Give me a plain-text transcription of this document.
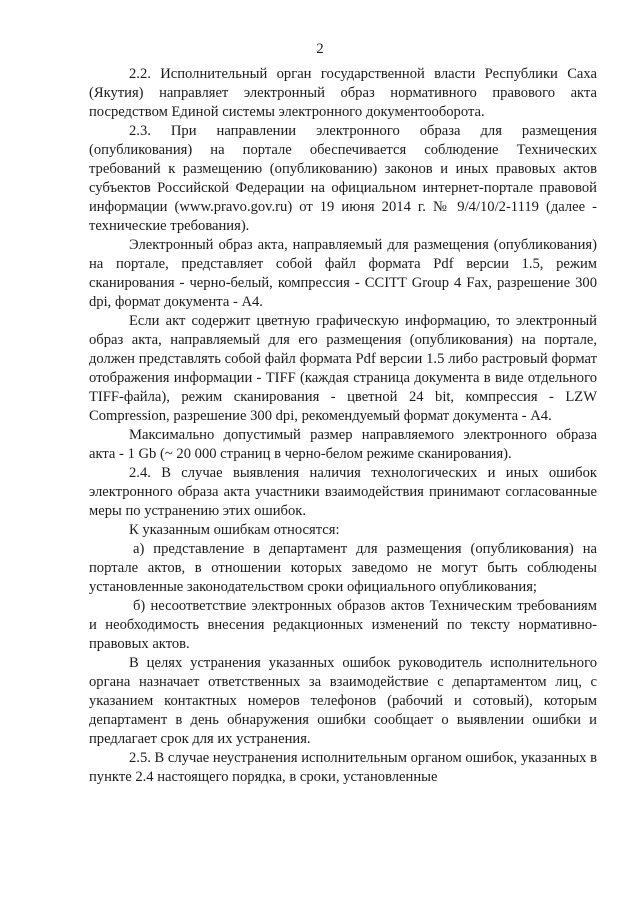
2

2.2. Исполнительный орган государственной власти Республики Саха (Якутия) направляет электронный образ нормативного правового акта посредством Единой системы электронного документооборота.

2.3. При направлении электронного образа для размещения (опубликования) на портале обеспечивается соблюдение Технических требований к размещению (опубликованию) законов и иных правовых актов субъектов Российской Федерации на официальном интернет-портале правовой информации (www.pravo.gov.ru) от 19 июня 2014 г. № 9/4/10/2-1119 (далее - технические требования).

Электронный образ акта, направляемый для размещения (опубликования) на портале, представляет собой файл формата Pdf версии 1.5, режим сканирования - черно-белый, компрессия - CCITT Group 4 Fax, разрешение 300 dpi, формат документа - А4.

Если акт содержит цветную графическую информацию, то электронный образ акта, направляемый для его размещения (опубликования) на портале, должен представлять собой файл формата Pdf версии 1.5 либо растровый формат отображения информации - TIFF (каждая страница документа в виде отдельного TIFF-файла), режим сканирования - цветной 24 bit, компрессия - LZW Compression, разрешение 300 dpi, рекомендуемый формат документа - А4.

Максимально допустимый размер направляемого электронного образа акта - 1 Gb (~ 20 000 страниц в черно-белом режиме сканирования).

2.4. В случае выявления наличия технологических и иных ошибок электронного образа акта участники взаимодействия принимают согласованные меры по устранению этих ошибок.

К указанным ошибкам относятся:

а) представление в департамент для размещения (опубликования) на портале актов, в отношении которых заведомо не могут быть соблюдены установленные законодательством сроки официального опубликования;

б) несоответствие электронных образов актов Техническим требованиям и необходимость внесения редакционных изменений по тексту нормативно-правовых актов.

В целях устранения указанных ошибок руководитель исполнительного органа назначает ответственных за взаимодействие с департаментом лиц, с указанием контактных номеров телефонов (рабочий и сотовый), которым департамент в день обнаружения ошибки сообщает о выявлении ошибки и предлагает срок для их устранения.

2.5. В случае неустранения исполнительным органом ошибок, указанных в пункте 2.4 настоящего порядка, в сроки, установленные
